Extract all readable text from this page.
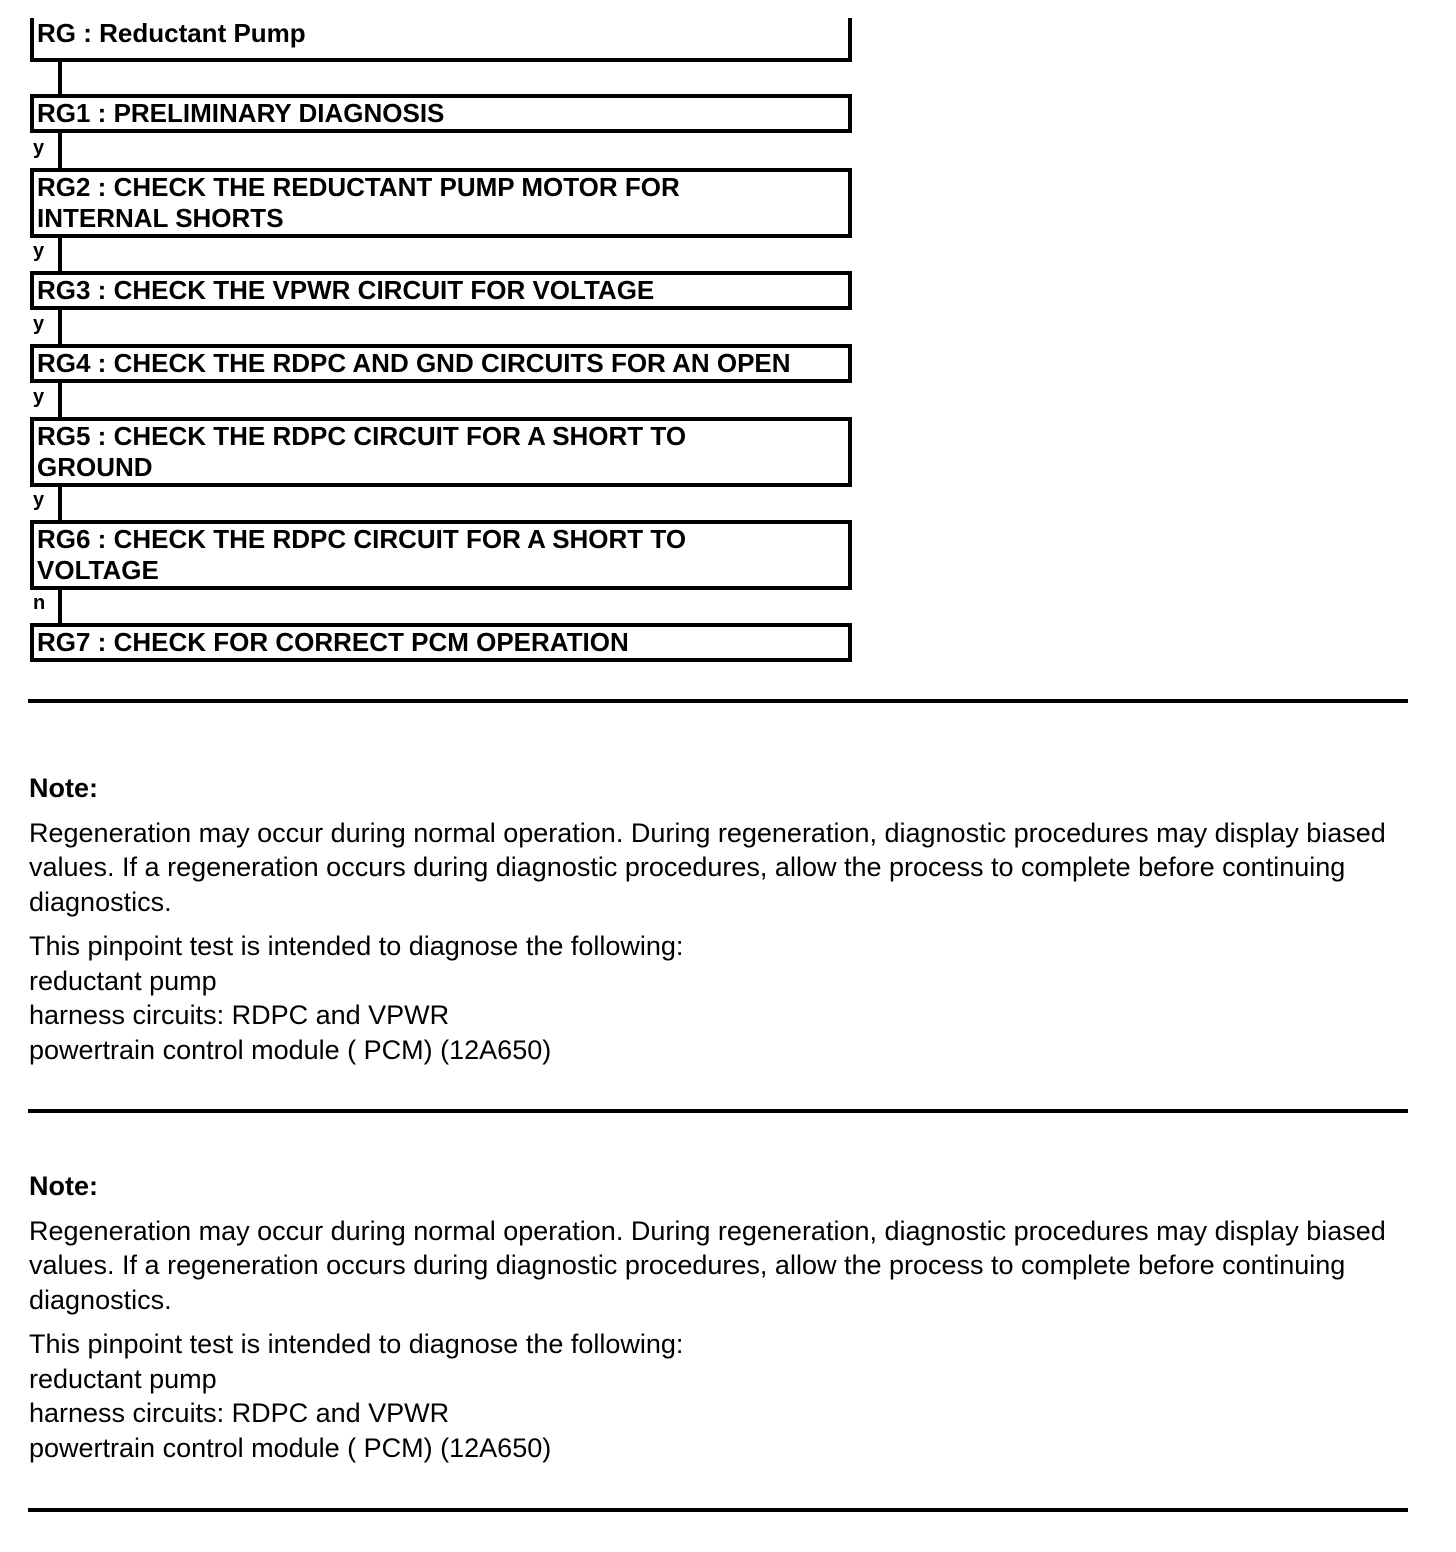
RG : Reductant Pump
RG1 : PRELIMINARY DIAGNOSIS
RG2 : CHECK THE REDUCTANT PUMP MOTOR FOR
INTERNAL SHORTS
RG3 : CHECK THE VPWR CIRCUIT FOR VOLTAGE
RG4 : CHECK THE RDPC AND GND CIRCUITS FOR AN OPEN
RG5 : CHECK THE RDPC CIRCUIT FOR A SHORT TO
GROUND
RG6 : CHECK THE RDPC CIRCUIT FOR A SHORT TO
VOLTAGE
RG7 : CHECK FOR CORRECT PCM OPERATION
y
y
y
y
y
n

Note:

Regeneration may occur during normal operation. During regeneration, diagnostic procedures may display biased values. If a regeneration occurs during diagnostic procedures, allow the process to complete before continuing diagnostics.

This pinpoint test is intended to diagnose the following:

reductant pump

harness circuits: RDPC and VPWR

powertrain control module ( PCM) (12A650)

Note:

Regeneration may occur during normal operation. During regeneration, diagnostic procedures may display biased values. If a regeneration occurs during diagnostic procedures, allow the process to complete before continuing diagnostics.

This pinpoint test is intended to diagnose the following:

reductant pump

harness circuits: RDPC and VPWR

powertrain control module ( PCM) (12A650)
